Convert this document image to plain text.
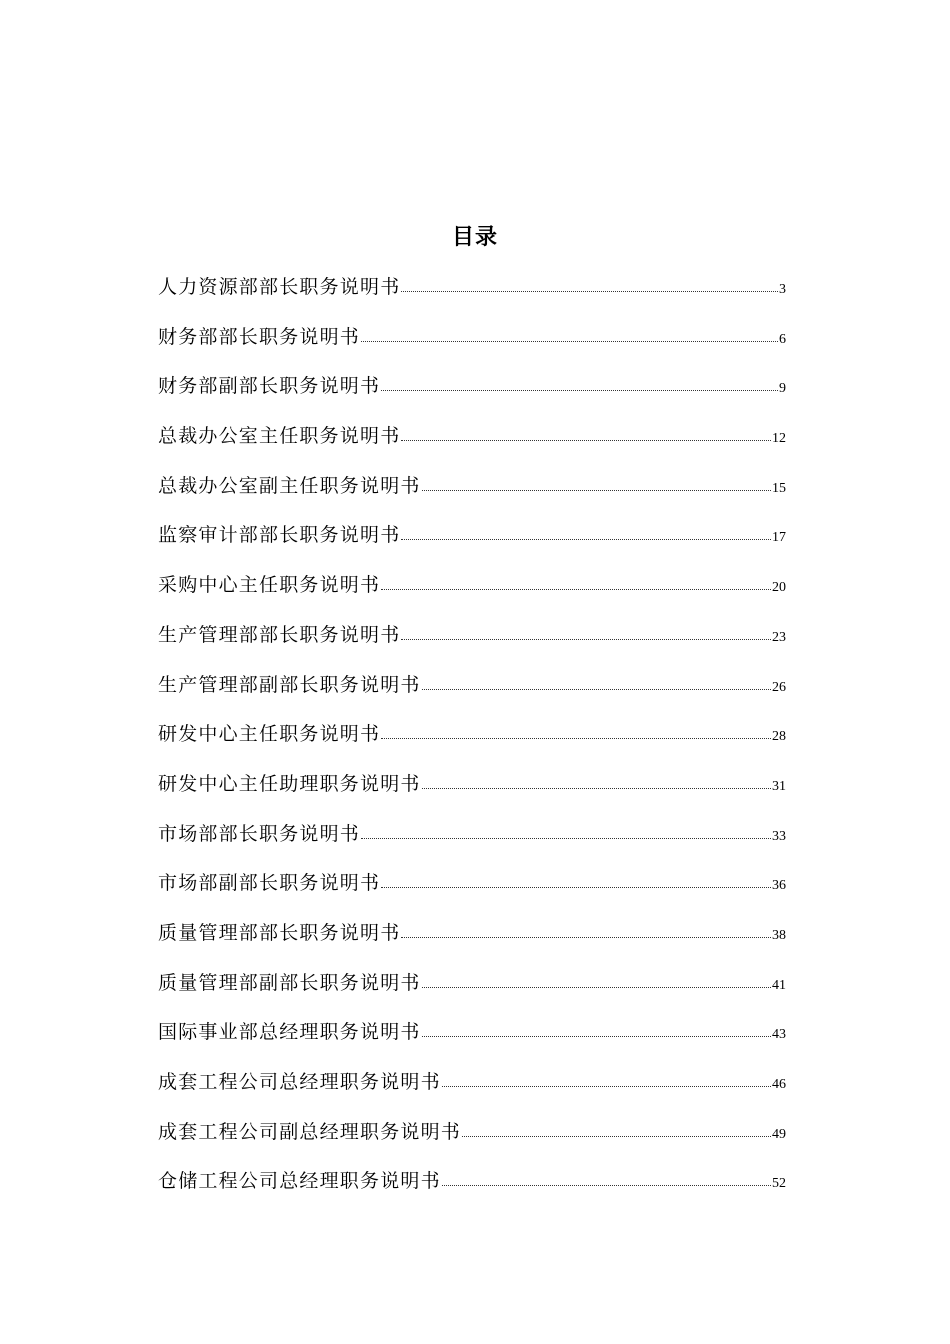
目录
人力资源部部长职务说明书	3
财务部部长职务说明书	6
财务部副部长职务说明书	9
总裁办公室主任职务说明书	12
总裁办公室副主任职务说明书	15
监察审计部部长职务说明书	17
采购中心主任职务说明书	20
生产管理部部长职务说明书	23
生产管理部副部长职务说明书	26
研发中心主任职务说明书	28
研发中心主任助理职务说明书	31
市场部部长职务说明书	33
市场部副部长职务说明书	36
质量管理部部长职务说明书	38
质量管理部副部长职务说明书	41
国际事业部总经理职务说明书	43
成套工程公司总经理职务说明书	46
成套工程公司副总经理职务说明书	49
仓储工程公司总经理职务说明书	52
